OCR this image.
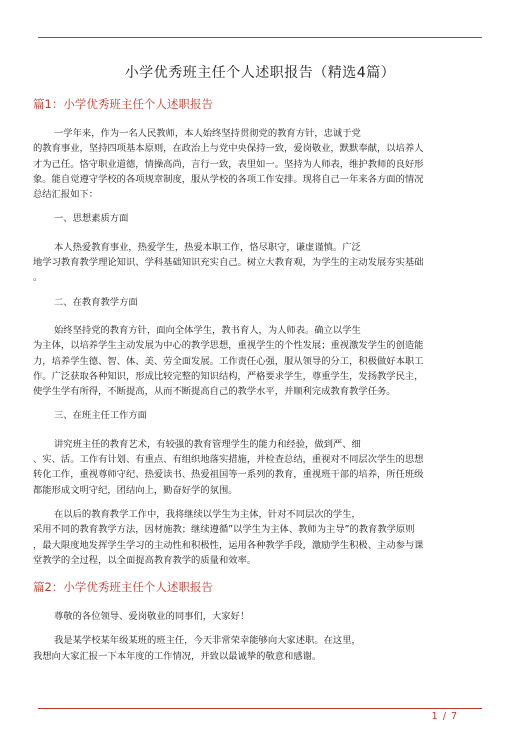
小学优秀班主任个人述职报告（精选4篇）
篇1：小学优秀班主任个人述职报告
一学年来，作为一名人民教师，本人始终坚持贯彻党的教育方针，忠诚于党
的教育事业，坚持四项基本原则，在政治上与党中央保持一致，爱岗敬业，默默奉献，以培养人
才为己任。恪守职业道德，情操高尚，言行一致，表里如一。坚持为人师表，维护教师的良好形
象。能自觉遵守学校的各项规章制度，服从学校的各项工作安排。现将自己一年来各方面的情况
总结汇报如下：
一、思想素质方面
本人热爱教育事业，热爱学生，热爱本职工作，恪尽职守，谦虚谨慎。广泛
地学习教育教学理论知识、学科基础知识充实自己。树立大教育观，为学生的主动发展夯实基础
。
二、在教育教学方面
始终坚持党的教育方针，面向全体学生，教书育人，为人师表。确立以学生
为主体，以培养学生主动发展为中心的教学思想，重视学生的个性发展；重视激发学生的创造能
力，培养学生德、智、体、美、劳全面发展。工作责任心强，服从领导的分工，积极做好本职工
作。广泛获取各种知识，形成比较完整的知识结构，严格要求学生，尊重学生，发扬教学民主，
使学生学有所得，不断提高，从而不断提高自己的教学水平，并顺利完成教育教学任务。
三、在班主任工作方面
讲究班主任的教育艺术，有较强的教育管理学生的能力和经验，做到严、细
、实、活。工作有计划、有重点、有组织地落实措施，并检查总结，重视对不同层次学生的思想
转化工作，重视尊师守纪、热爱读书、热爱祖国等一系列的教育，重视班干部的培养，所任班级
都能形成文明守纪，团结向上，勤奋好学的氛围。
在以后的教育教学工作中，我将继续以学生为主体，针对不同层次的学生，
采用不同的教育教学方法，因材施教；继续遵循”以学生为主体、教师为主导”的教育教学原则
，最大限度地发挥学生学习的主动性和积极性，运用各种教学手段，激励学生积极、主动参与课
堂教学的全过程，以全面提高教育教学的质量和效率。
篇2：小学优秀班主任个人述职报告
尊敬的各位领导、爱岗敬业的同事们，大家好！
我是某学校某年级某班的班主任，今天非常荣幸能够向大家述职。在这里，
我想向大家汇报一下本年度的工作情况，并致以最诚挚的敬意和感谢。
1 / 7
